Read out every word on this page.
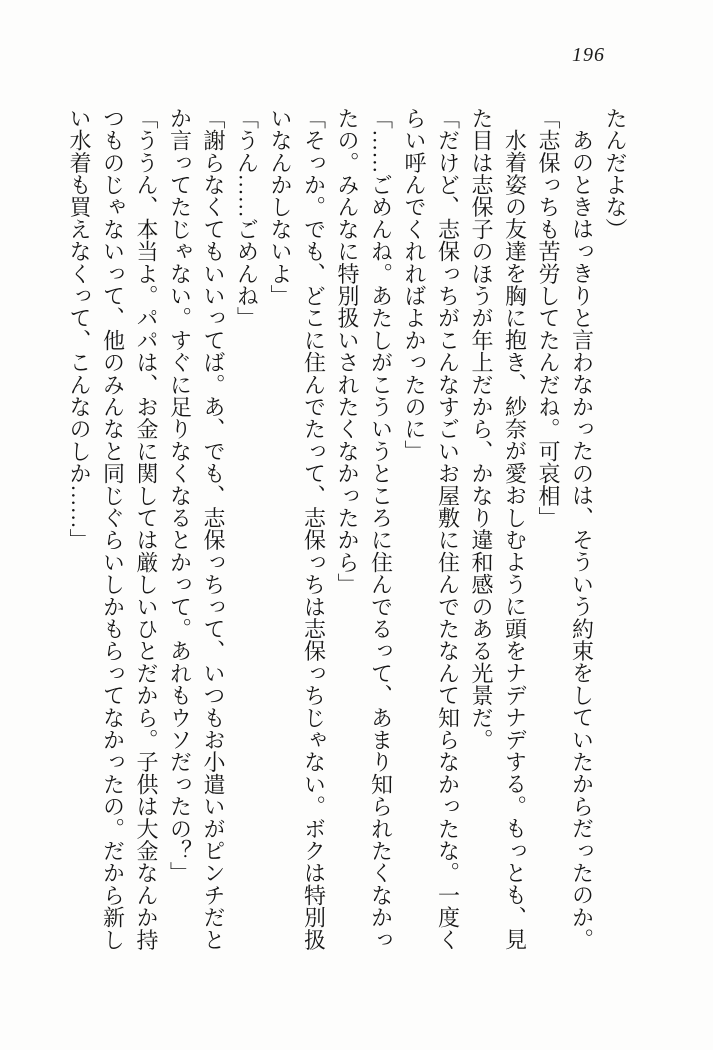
196

たんだよな）

あのときはっきりと言わなかったのは、そういう約束をしていたからだったのか。

「志保っちも苦労してたんだね。可哀相」

水着姿の友達を胸に抱き、紗奈が愛おしむように頭をナデナデする。もっとも、見

た目は志保子のほうが年上だから、かなり違和感のある光景だ。

「だけど、志保っちがこんなすごいお屋敷に住んでたなんて知らなかったな。一度く

らい呼んでくれればよかったのに」

「……ごめんね。あたしがこういうところに住んでるって、あまり知られたくなかっ

たの。みんなに特別扱いされたくなかったから」

「そっか。でも、どこに住んでたって、志保っちは志保っちじゃない。ボクは特別扱

いなんかしないよ」

「うん……ごめんね」

「謝らなくてもいいってば。あ、でも、志保っちって、いつもお小遣いがピンチだと

か言ってたじゃない。すぐに足りなくなるとかって。あれもウソだったの？」

「ううん、本当よ。パパは、お金に関しては厳しいひとだから。子供は大金なんか持

つものじゃないって、他のみんなと同じぐらいしかもらってなかったの。だから新し

い水着も買えなくって、こんなのしか……」
